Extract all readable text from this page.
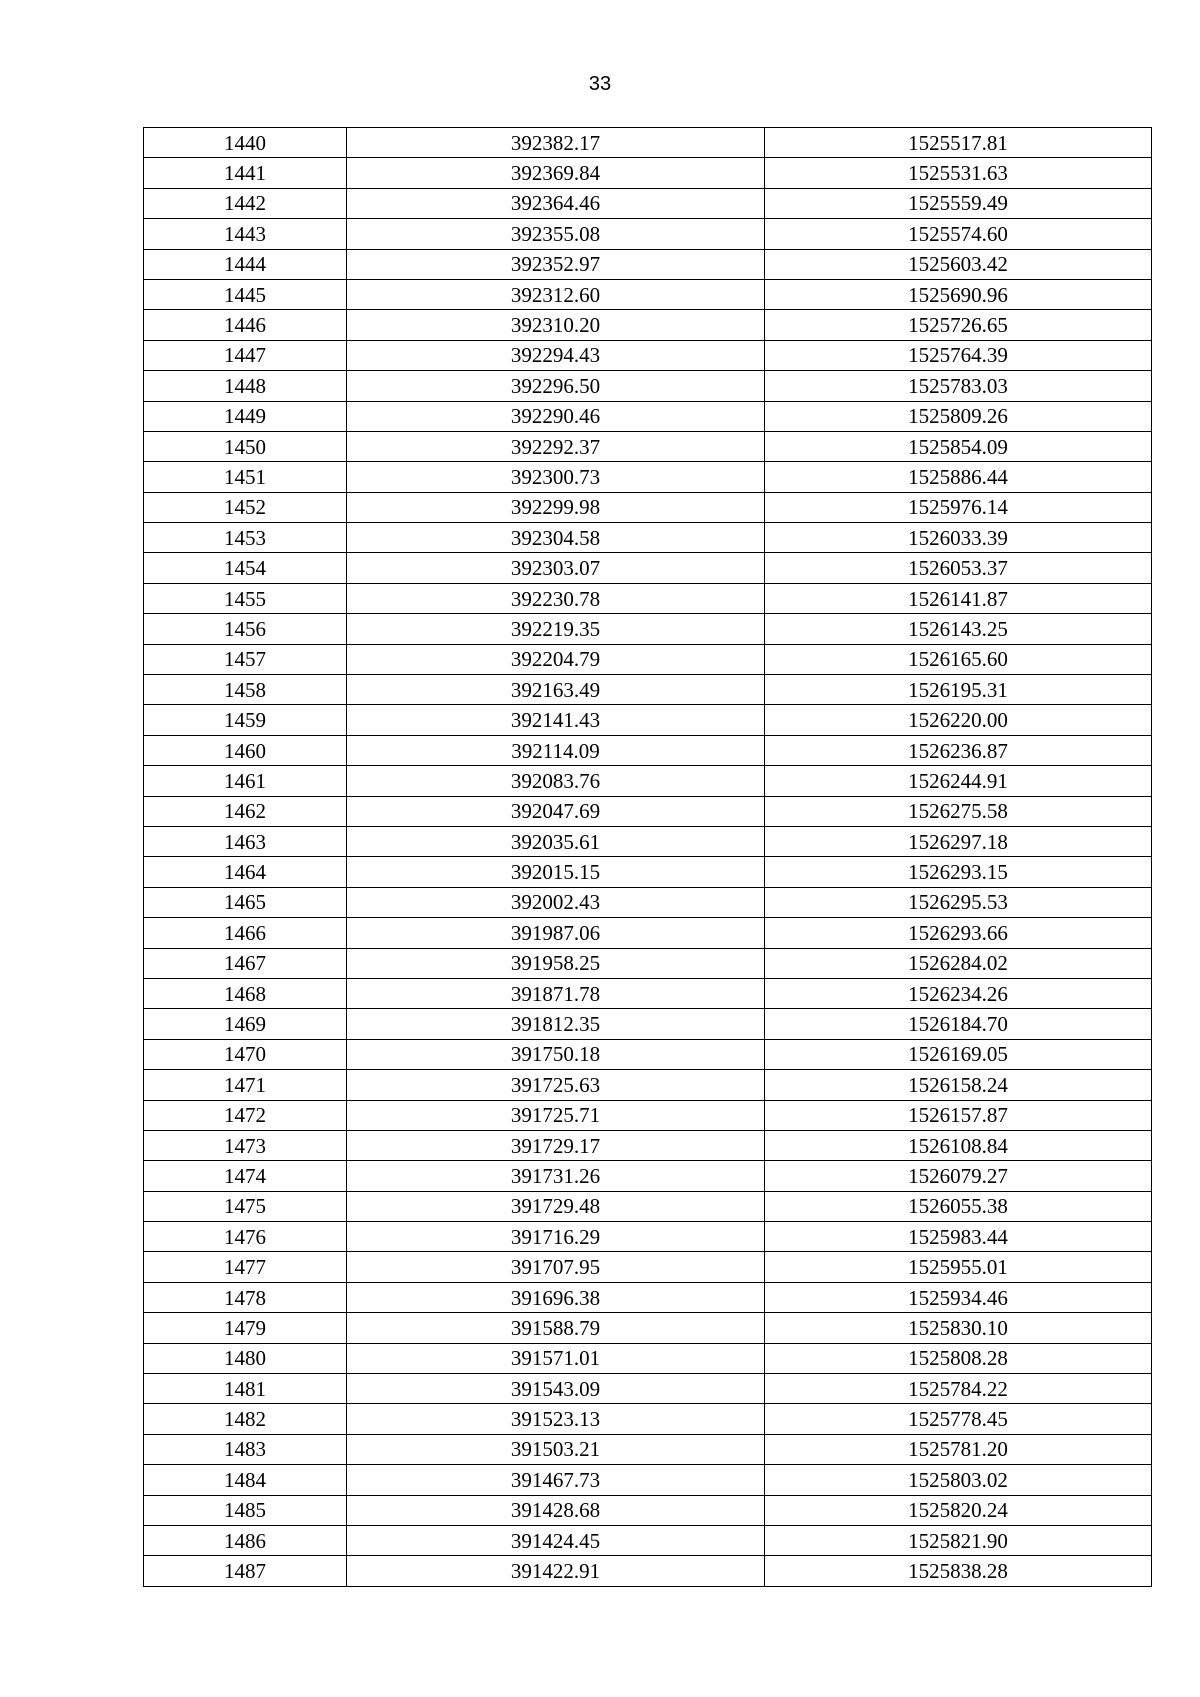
33
1440	392382.17	1525517.81
1441	392369.84	1525531.63
1442	392364.46	1525559.49
1443	392355.08	1525574.60
1444	392352.97	1525603.42
1445	392312.60	1525690.96
1446	392310.20	1525726.65
1447	392294.43	1525764.39
1448	392296.50	1525783.03
1449	392290.46	1525809.26
1450	392292.37	1525854.09
1451	392300.73	1525886.44
1452	392299.98	1525976.14
1453	392304.58	1526033.39
1454	392303.07	1526053.37
1455	392230.78	1526141.87
1456	392219.35	1526143.25
1457	392204.79	1526165.60
1458	392163.49	1526195.31
1459	392141.43	1526220.00
1460	392114.09	1526236.87
1461	392083.76	1526244.91
1462	392047.69	1526275.58
1463	392035.61	1526297.18
1464	392015.15	1526293.15
1465	392002.43	1526295.53
1466	391987.06	1526293.66
1467	391958.25	1526284.02
1468	391871.78	1526234.26
1469	391812.35	1526184.70
1470	391750.18	1526169.05
1471	391725.63	1526158.24
1472	391725.71	1526157.87
1473	391729.17	1526108.84
1474	391731.26	1526079.27
1475	391729.48	1526055.38
1476	391716.29	1525983.44
1477	391707.95	1525955.01
1478	391696.38	1525934.46
1479	391588.79	1525830.10
1480	391571.01	1525808.28
1481	391543.09	1525784.22
1482	391523.13	1525778.45
1483	391503.21	1525781.20
1484	391467.73	1525803.02
1485	391428.68	1525820.24
1486	391424.45	1525821.90
1487	391422.91	1525838.28
